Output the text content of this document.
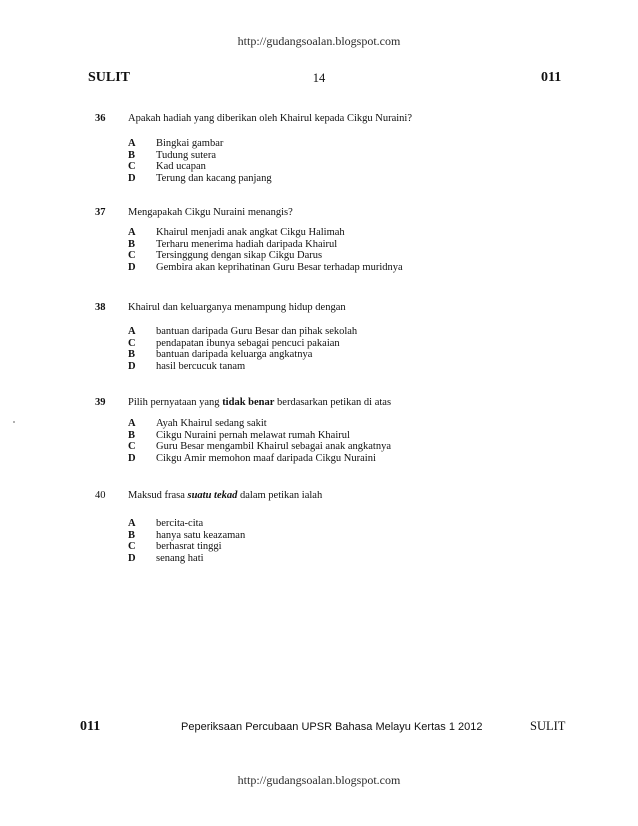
http://gudangsoalan.blogspot.com
SULIT	14	011
36	Apakah hadiah yang diberikan oleh Khairul kepada Cikgu Nuraini?
A	Bingkai gambar
B	Tudung sutera
C	Kad ucapan
D	Terung dan kacang panjang
37	Mengapakah Cikgu Nuraini menangis?
A	Khairul menjadi anak angkat Cikgu Halimah
B	Terharu menerima hadiah daripada Khairul
C	Tersinggung dengan sikap Cikgu Darus
D	Gembira akan keprihatinan Guru Besar terhadap muridnya
38	Khairul dan keluarganya menampung hidup dengan
A	bantuan daripada Guru Besar dan pihak sekolah
C	pendapatan ibunya sebagai pencuci pakaian
B	bantuan daripada keluarga angkatnya
D	hasil bercucuk tanam
39	Pilih pernyataan yang tidak benar berdasarkan petikan di atas
A	Ayah Khairul sedang sakit
B	Cikgu Nuraini pernah melawat rumah Khairul
C	Guru Besar mengambil Khairul sebagai anak angkatnya
D	Cikgu Amir memohon maaf daripada Cikgu Nuraini
40	Maksud frasa suatu tekad dalam petikan ialah
A	bercita-cita
B	hanya satu keazaman
C	berhasrat tinggi
D	senang hati
011	Peperiksaan Percubaan UPSR Bahasa Melayu Kertas 1 2012	SULIT
http://gudangsoalan.blogspot.com
